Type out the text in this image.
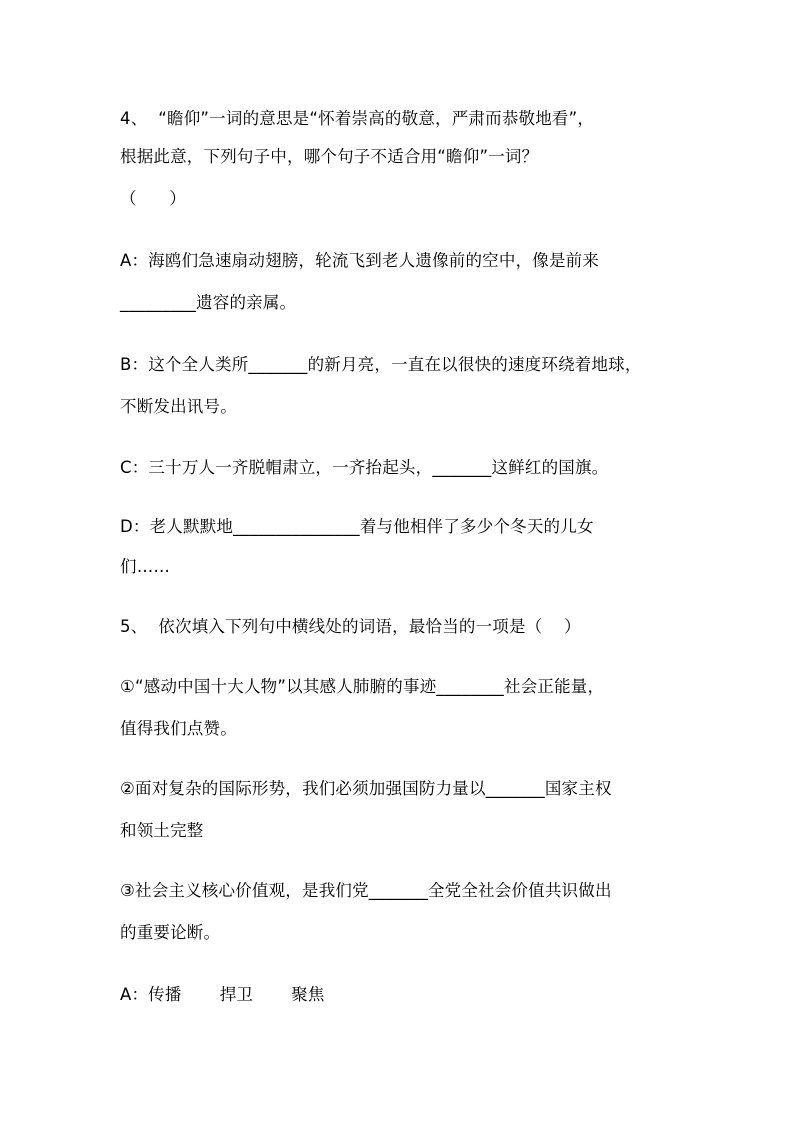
4、  “瞻仰”一词的意思是“怀着崇高的敬意，严肃而恭敬地看”，
根据此意，下列句子中，哪个句子不适合用“瞻仰”一词？
（      ）
A：海鸥们急速扇动翅膀，轮流飞到老人遗像前的空中，像是前来
_________遗容的亲属。
B：这个全人类所_______的新月亮，一直在以很快的速度环绕着地球，
不断发出讯号。
C：三十万人一齐脱帽肃立，一齐抬起头，_______这鲜红的国旗。
D：老人默默地_______________着与他相伴了多少个冬天的儿女
们……
5、  依次填入下列句中横线处的词语，最恰当的一项是（    ）
①“感动中国十大人物”以其感人肺腑的事迹________社会正能量，
值得我们点赞。
②面对复杂的国际形势，我们必须加强国防力量以_______国家主权
和领土完整
③社会主义核心价值观，是我们党_______全党全社会价值共识做出
的重要论断。
A：传播       捍卫       聚焦
